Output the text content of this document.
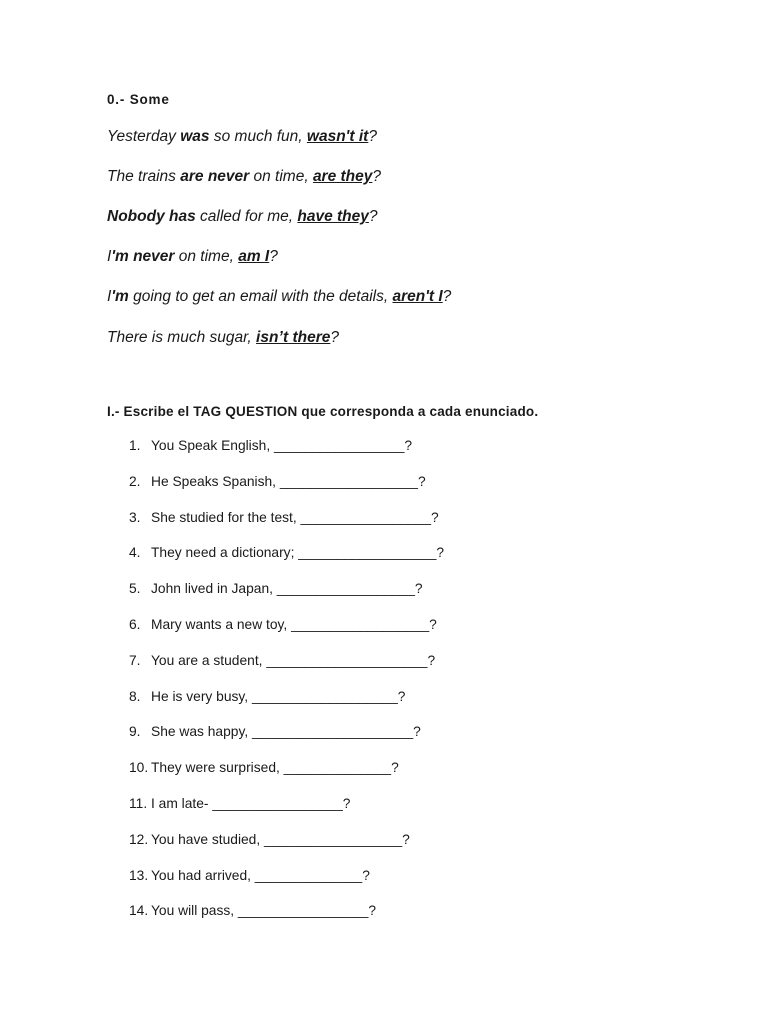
0.- Some
Yesterday was so much fun, wasn't it?
The trains are never on time, are they?
Nobody has called for me, have they?
I'm never on time, am I?
I'm going to get an email with the details, aren't I?
There is much sugar, isn’t there?
I.- Escribe el TAG QUESTION que corresponda a cada enunciado.
1. You Speak English, _________________?
2. He Speaks Spanish, __________________?
3. She studied for the test, _________________?
4. They need a dictionary; __________________?
5. John lived in Japan, __________________?
6. Mary wants a new toy, __________________?
7. You are a student, _____________________?
8. He is very busy, ___________________?
9. She was happy, _____________________?
10. They were surprised, ______________?
11. I am late- _________________?
12. You have studied, __________________?
13. You had arrived, ______________?
14. You will pass, _________________?
